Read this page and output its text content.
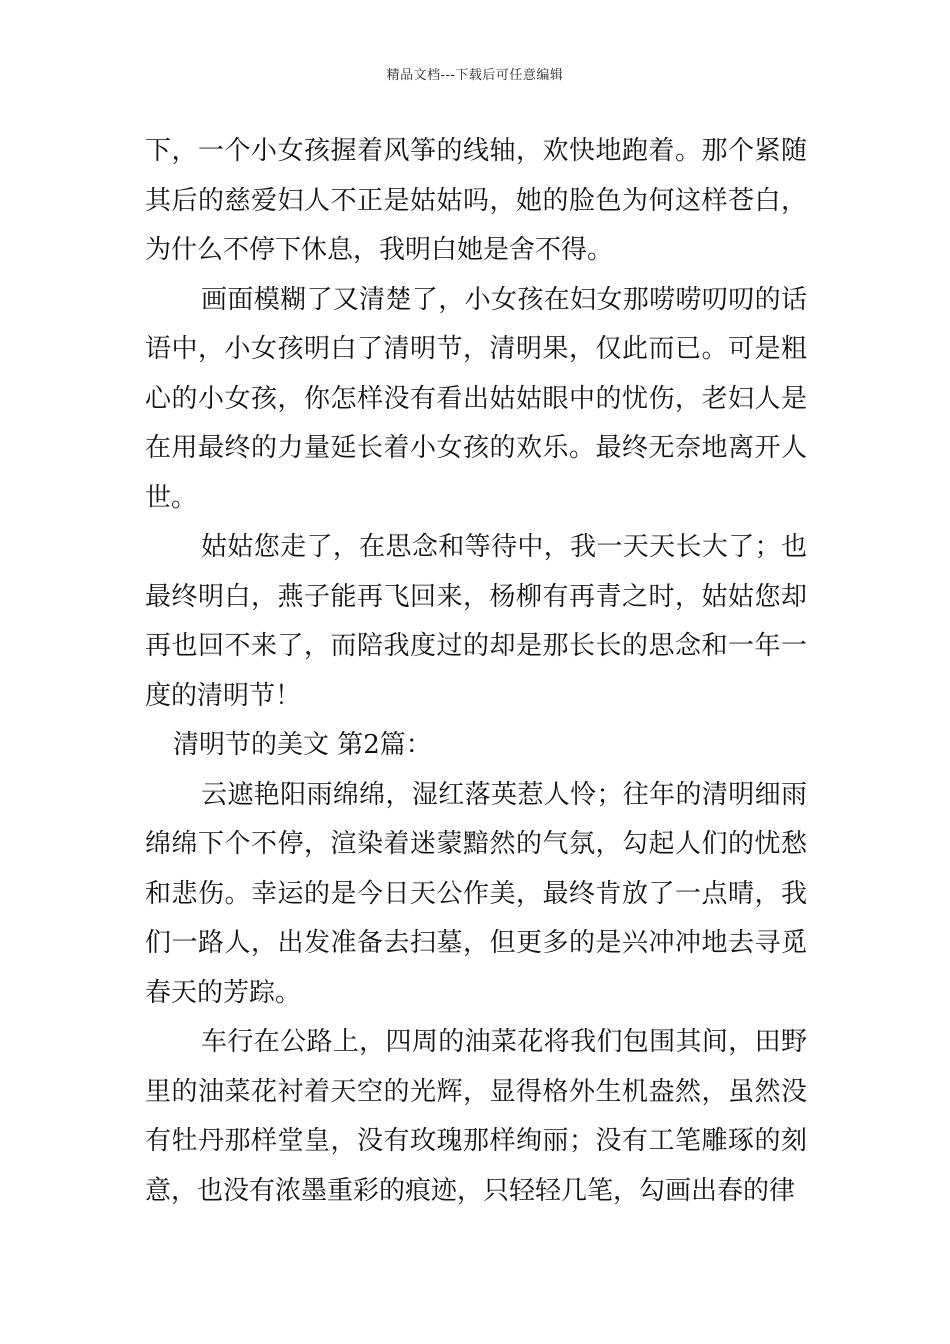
精品文档---下载后可任意编辑

下，一个小女孩握着风筝的线轴，欢快地跑着。那个紧随其后的慈爱妇人不正是姑姑吗，她的脸色为何这样苍白，为什么不停下休息，我明白她是舍不得。

画面模糊了又清楚了，小女孩在妇女那唠唠叨叨的话语中，小女孩明白了清明节，清明果，仅此而已。可是粗心的小女孩，你怎样没有看出姑姑眼中的忧伤，老妇人是在用最终的力量延长着小女孩的欢乐。最终无奈地离开人世。

姑姑您走了，在思念和等待中，我一天天长大了；也最终明白，燕子能再飞回来，杨柳有再青之时，姑姑您却再也回不来了，而陪我度过的却是那长长的思念和一年一度的清明节！

清明节的美文 第2篇：

云遮艳阳雨绵绵，湿红落英惹人怜；往年的清明细雨绵绵下个不停，渲染着迷蒙黯然的气氛，勾起人们的忧愁和悲伤。幸运的是今日天公作美，最终肯放了一点晴，我们一路人，出发准备去扫墓，但更多的是兴冲冲地去寻觅春天的芳踪。

车行在公路上，四周的油菜花将我们包围其间，田野里的油菜花衬着天空的光辉，显得格外生机盎然，虽然没有牡丹那样堂皇，没有玫瑰那样绚丽；没有工笔雕琢的刻意，也没有浓墨重彩的痕迹，只轻轻几笔，勾画出春的律
